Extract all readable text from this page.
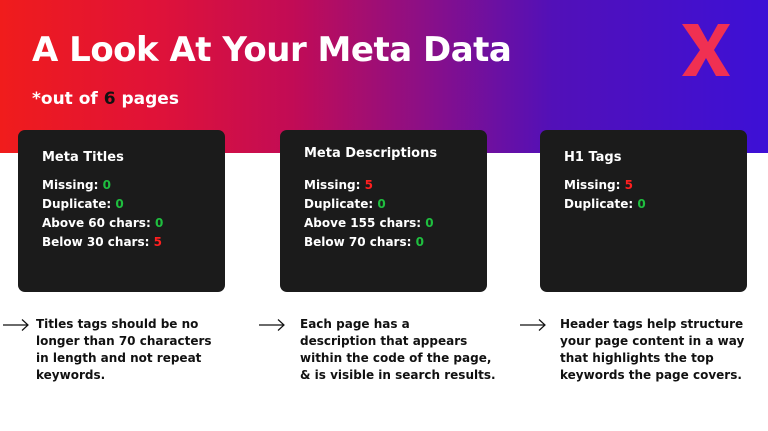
A Look At Your Meta Data
*out of 6 pages
Meta Titles
Missing: 0
Duplicate: 0
Above 60 chars: 0
Below 30 chars: 5
Meta Descriptions
Missing: 5
Duplicate: 0
Above 155 chars: 0
Below 70 chars: 0
H1 Tags
Missing: 5
Duplicate: 0
Titles tags should be no
longer than 70 characters
in length and not repeat
keywords.
Each page has a
description that appears
within the code of the page,
& is visible in search results.
Header tags help structure
your page content in a way
that highlights the top
keywords the page covers.
